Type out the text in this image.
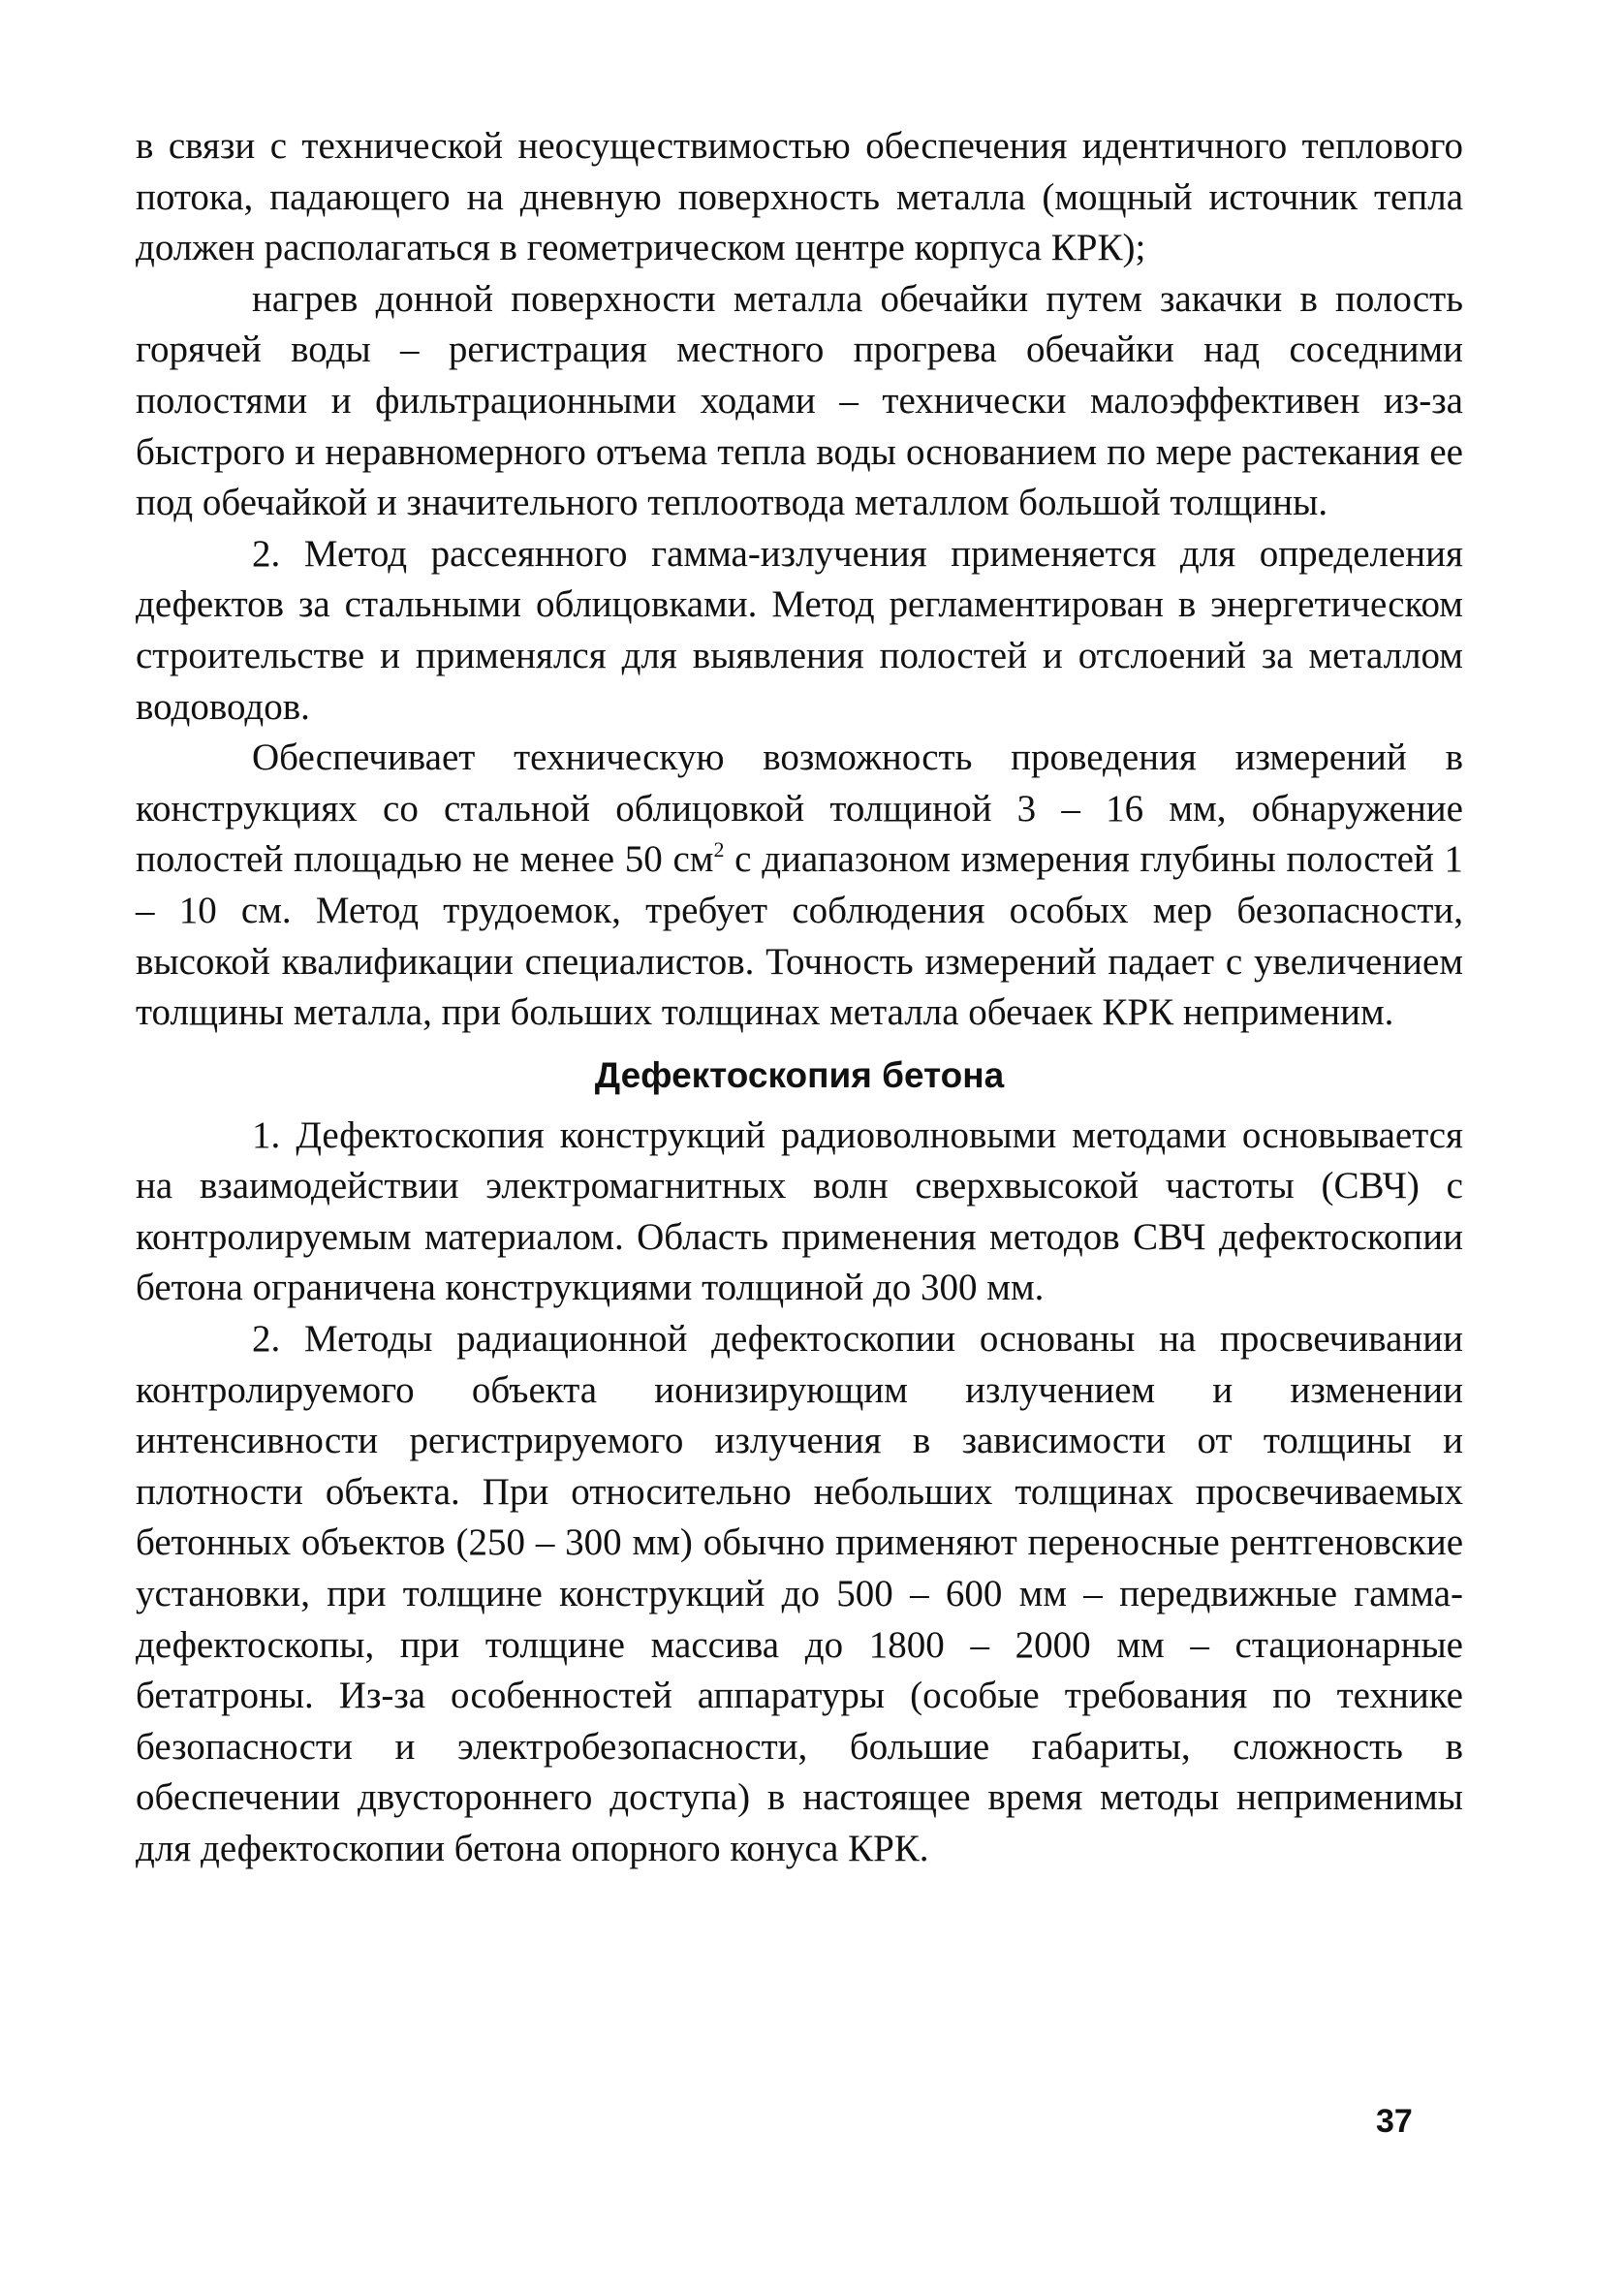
в связи с технической неосуществимостью обеспечения идентичного теплового потока, падающего на дневную поверхность металла (мощный источник тепла должен располагаться в геометрическом центре корпуса КРК);

нагрев донной поверхности металла обечайки путем закачки в полость горячей воды – регистрация местного прогрева обечайки над соседними полостями и фильтрационными ходами – технически малоэффективен из-за быстрого и неравномерного отъема тепла воды основанием по мере растекания ее под обечайкой и значительного теплоотвода металлом большой толщины.

2. Метод рассеянного гамма-излучения применяется для определения дефектов за стальными облицовками. Метод регламентирован в энергетическом строительстве и применялся для выявления полостей и отслоений за металлом водоводов.

Обеспечивает техническую возможность проведения измерений в конструкциях со стальной облицовкой толщиной 3 – 16 мм, обнаружение полостей площадью не менее 50 $см^2$ с диапазоном измерения глубины полостей 1 – 10 см. Метод трудоемок, требует соблюдения особых мер безопасности, высокой квалификации специалистов. Точность измерений падает с увеличением толщины металла, при больших толщинах металла обечаек КРК неприменим.

Дефектоскопия бетона

1. Дефектоскопия конструкций радиоволновыми методами основывается на взаимодействии электромагнитных волн сверхвысокой частоты (СВЧ) с контролируемым материалом. Область применения методов СВЧ дефектоскопии бетона ограничена конструкциями толщиной до 300 мм.

2. Методы радиационной дефектоскопии основаны на просвечивании контролируемого объекта ионизирующим излучением и изменении интенсивности регистрируемого излучения в зависимости от толщины и плотности объекта. При относительно небольших толщинах просвечиваемых бетонных объектов (250 – 300 мм) обычно применяют переносные рентгеновские установки, при толщине конструкций до 500 – 600 мм – передвижные гамма-дефектоскопы, при толщине массива до 1800 – 2000 мм – стационарные бетатроны. Из-за особенностей аппаратуры (особые требования по технике безопасности и электробезопасности, большие габариты, сложность в обеспечении двустороннего доступа) в настоящее время методы неприменимы для дефектоскопии бетона опорного конуса КРК.

37
